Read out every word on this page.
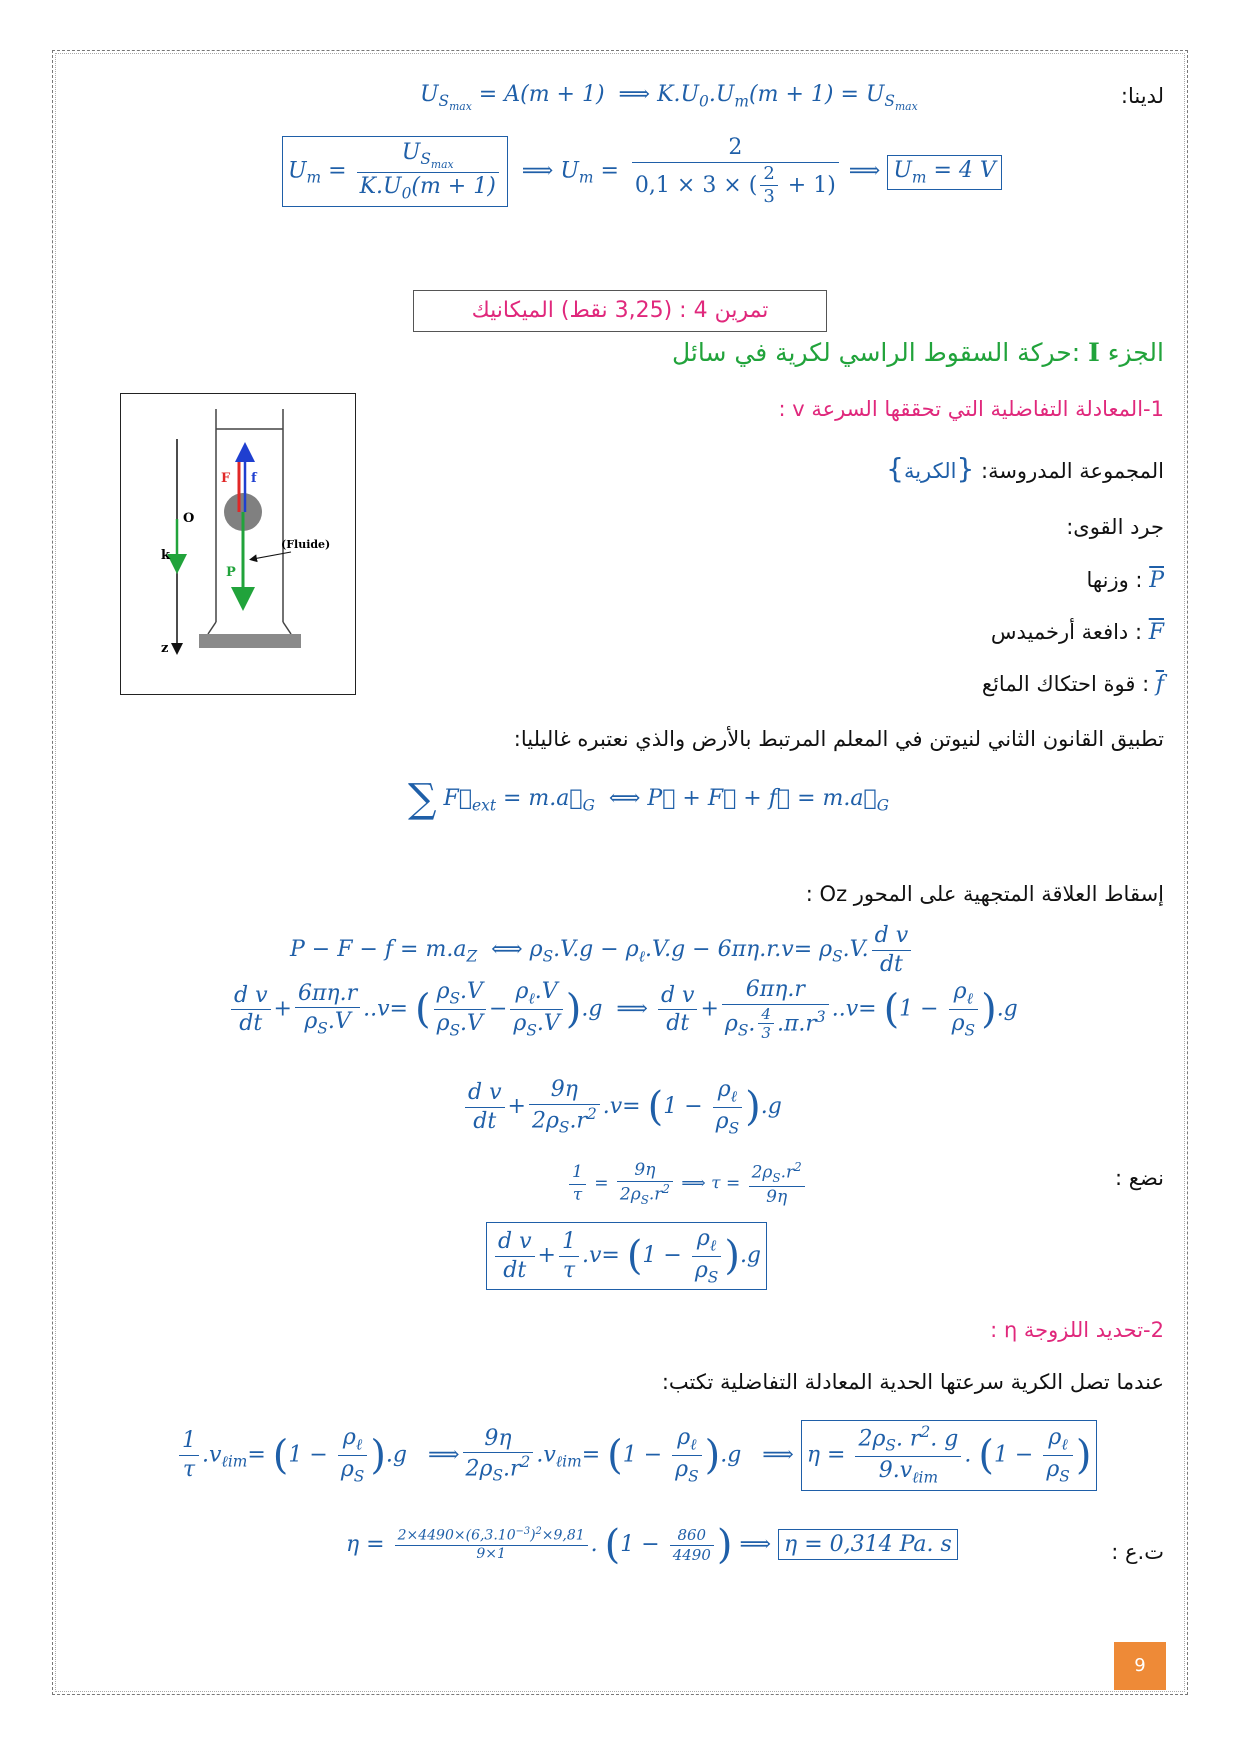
لدينا:
$U_{S_{max}} = A(m + 1)$  ⟹ $K.U_0.U_m(m + 1) = U_{S_{max}}$
$U_m$ =
$U_{S_{max}}$
$K.U_0(m + 1)$
⟹ $U_m = \frac{2}{0,1 \times 3 \times ( \frac{2}{3} + 1)}$ ⟹ $U_m = 4$ V
تمرين 4 : (3,25 نقط) الميكانيك
الجزء I :حركة السقوط الراسي لكرية في سائل
O
k
z
F f
P
(Fluide)
1-المعادلة التفاضلية التي تحققها السرعة v :
المجموعة المدروسة: {الكرية}
جرد القوى:
P : وزنها
F : دافعة أرخميدس
f : قوة احتكاك المائع
تطبيق القانون الثاني لنيوتن في المعلم المرتبط بالأرض والذي نعتبره غاليليا:
∑ $F⃗_{ext}$ = $m.a⃗_G$  ⟺ P⃗ + F⃗ + f⃗ = $m.a⃗_G$
إسقاط العلاقة المتجهية على المحور Oz :
$P - F - f = m.a_Z$  ⟺ $\rho_S.V.g - \rho_\ell.V.g - 6\pi\eta.r.v= \rho_S.V$. $\frac{\text{d v}}{dt}$
$\frac{\text{d v}}{dt} + \frac{6\pi\eta.r}{\rho_S.V} ..v=$ ( $\frac{\rho_S.V}{\rho_S.V}$ −
$\rho_\ell.V$
$\rho_S.V$ ).g  ⟹ $\frac{\text{d v}}{dt} + \frac{6\pi\eta.r}{\rho_S. \frac{4}{3} .\pi.r^3} ..v= (1$ −
$\rho_\ell$
$\rho_S$ ).g
$\frac{\text{d v}}{dt} + \frac{9\eta}{2\rho_S.r^2} .v= (1$ −
$\rho_\ell$
$\rho_S$ ).g
نضع :
$\frac{1}{\tau} = \frac{9\eta}{2\rho_S.r^2}$ ⟹ $\tau = \frac{2\rho_S.r^2}{9\eta}$
$\frac{\text{d v}}{dt} + \frac{1}{\tau} .v= (1$ −
$\rho_\ell$
$\rho_S$ ).g
2-تحديد اللزوجة η :
عندما تصل الكرية سرعتها الحدية المعادلة التفاضلية تكتب:
$\frac{1}{\tau} .v_{\ell im}= (1$ −
$\rho_\ell$
$\rho_S$ ).g   ⟹ $\frac{9\eta}{2\rho_S.r^2} .v_{\ell im}= (1$ −
$\rho_\ell$
$\rho_S$ ).g   ⟹ η =
$2\rho_S$. $r^2$. g
$9.v_{\ell im}$
. (1 −
$\rho_\ell$
$\rho_S$ )
ت.ع :
$\eta = \frac{2\times 4490\times(6,3.10^{-3})^2\times 9,81}{9\times 1}$ . ($1 - \frac{860}{4490}$ ) ⟹ η = 0,314 Pa. s
9
